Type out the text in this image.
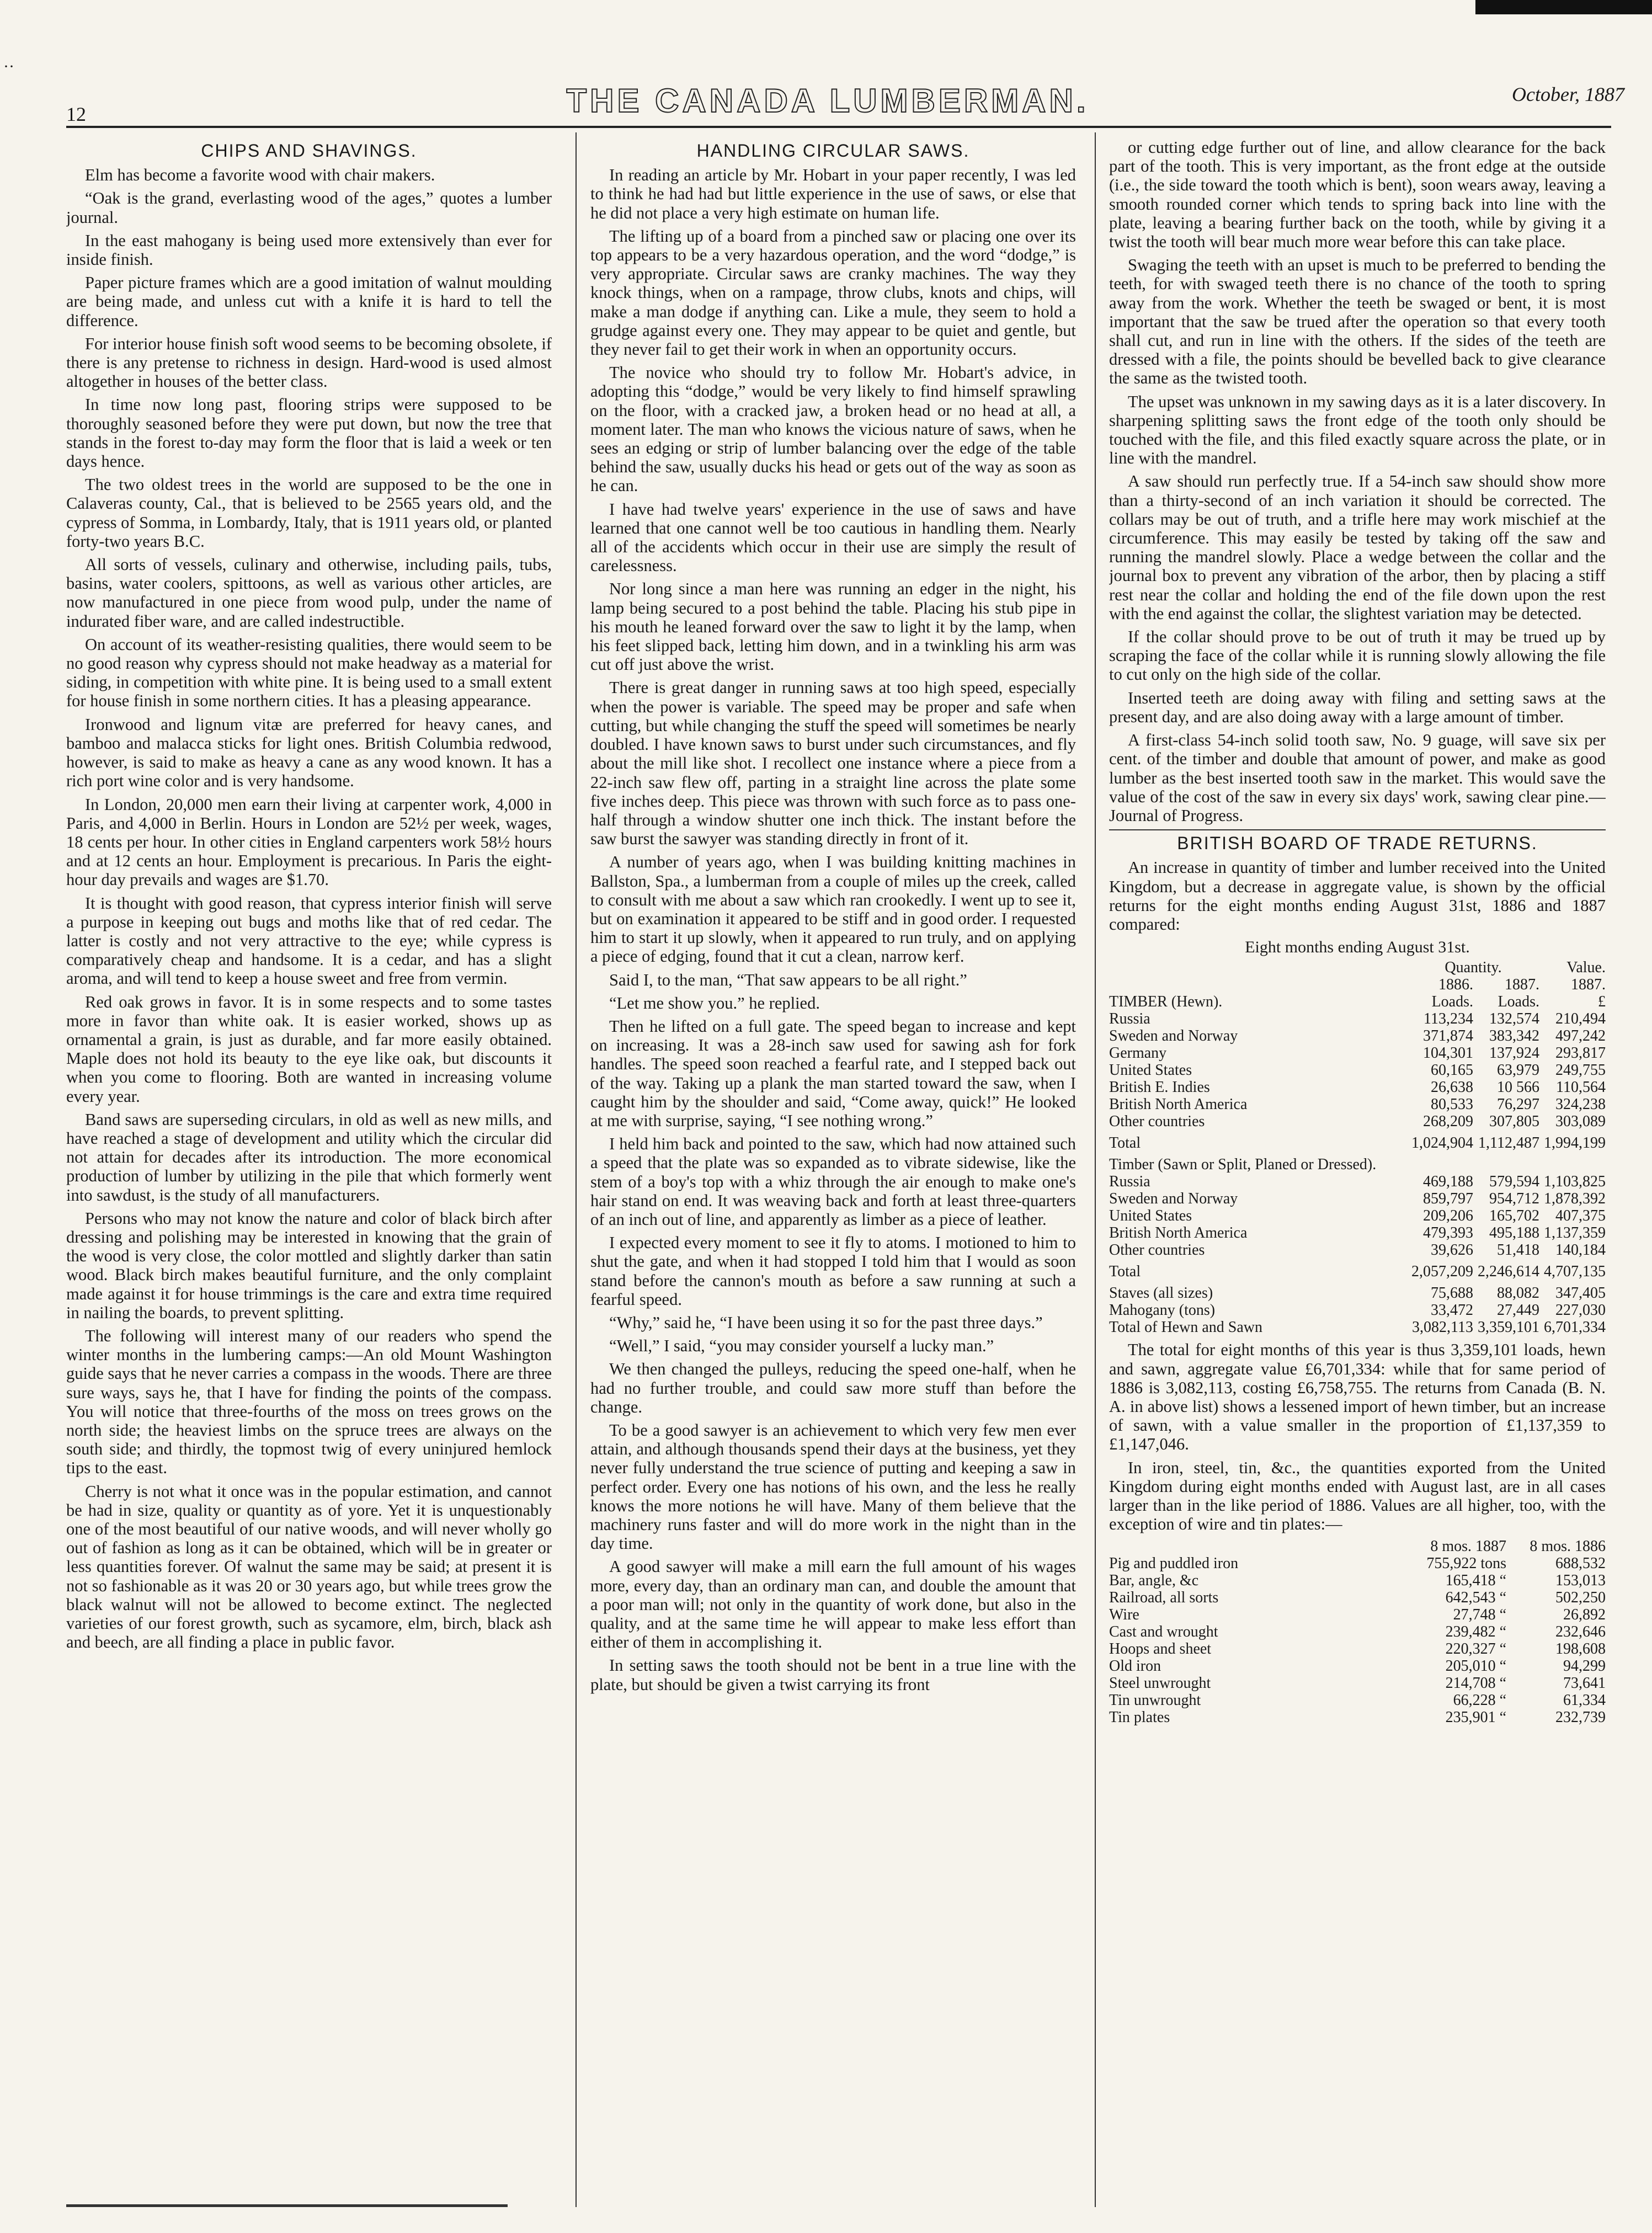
··
12	THE CANADA LUMBERMAN.	October, 1887
CHIPS AND SHAVINGS.

Elm has become a favorite wood with chair makers.

“Oak is the grand, everlasting wood of the ages,” quotes a lumber journal.

In the east mahogany is being used more extensively than ever for inside finish.

Paper picture frames which are a good imitation of walnut moulding are being made, and unless cut with a knife it is hard to tell the difference.

For interior house finish soft wood seems to be becoming obsolete, if there is any pretense to richness in design. Hard-wood is used almost altogether in houses of the better class.

In time now long past, flooring strips were supposed to be thoroughly seasoned before they were put down, but now the tree that stands in the forest to-day may form the floor that is laid a week or ten days hence.

The two oldest trees in the world are supposed to be the one in Calaveras county, Cal., that is believed to be 2565 years old, and the cypress of Somma, in Lombardy, Italy, that is 1911 years old, or planted forty-two years B.C.

All sorts of vessels, culinary and otherwise, including pails, tubs, basins, water coolers, spittoons, as well as various other articles, are now manufactured in one piece from wood pulp, under the name of indurated fiber ware, and are called indestructible.

On account of its weather-resisting qualities, there would seem to be no good reason why cypress should not make headway as a material for siding, in competition with white pine. It is being used to a small extent for house finish in some northern cities. It has a pleasing appearance.

Ironwood and lignum vitæ are preferred for heavy canes, and bamboo and malacca sticks for light ones. British Columbia redwood, however, is said to make as heavy a cane as any wood known. It has a rich port wine color and is very handsome.

In London, 20,000 men earn their living at carpenter work, 4,000 in Paris, and 4,000 in Berlin. Hours in London are 52½ per week, wages, 18 cents per hour. In other cities in England carpenters work 58½ hours and at 12 cents an hour. Employment is precarious. In Paris the eight-hour day prevails and wages are $1.70.

It is thought with good reason, that cypress interior finish will serve a purpose in keeping out bugs and moths like that of red cedar. The latter is costly and not very attractive to the eye; while cypress is comparatively cheap and handsome. It is a cedar, and has a slight aroma, and will tend to keep a house sweet and free from vermin.

Red oak grows in favor. It is in some respects and to some tastes more in favor than white oak. It is easier worked, shows up as ornamental a grain, is just as durable, and far more easily obtained. Maple does not hold its beauty to the eye like oak, but discounts it when you come to flooring. Both are wanted in increasing volume every year.

Band saws are superseding circulars, in old as well as new mills, and have reached a stage of development and utility which the circular did not attain for decades after its introduction. The more economical production of lumber by utilizing in the pile that which formerly went into sawdust, is the study of all manufacturers.

Persons who may not know the nature and color of black birch after dressing and polishing may be interested in knowing that the grain of the wood is very close, the color mottled and slightly darker than satin wood. Black birch makes beautiful furniture, and the only complaint made against it for house trimmings is the care and extra time required in nailing the boards, to prevent splitting.

The following will interest many of our readers who spend the winter months in the lumbering camps:—An old Mount Washington guide says that he never carries a compass in the woods. There are three sure ways, says he, that I have for finding the points of the compass. You will notice that three-fourths of the moss on trees grows on the north side; the heaviest limbs on the spruce trees are always on the south side; and thirdly, the topmost twig of every uninjured hemlock tips to the east.

Cherry is not what it once was in the popular estimation, and cannot be had in size, quality or quantity as of yore. Yet it is unquestionably one of the most beautiful of our native woods, and will never wholly go out of fashion as long as it can be obtained, which will be in greater or less quantities forever. Of walnut the same may be said; at present it is not so fashionable as it was 20 or 30 years ago, but while trees grow the black walnut will not be allowed to become extinct. The neglected varieties of our forest growth, such as sycamore, elm, birch, black ash and beech, are all finding a place in public favor.

HANDLING CIRCULAR SAWS.

In reading an article by Mr. Hobart in your paper recently, I was led to think he had had but little experience in the use of saws, or else that he did not place a very high estimate on human life.

The lifting up of a board from a pinched saw or placing one over its top appears to be a very hazardous operation, and the word “dodge,” is very appropriate. Circular saws are cranky machines. The way they knock things, when on a rampage, throw clubs, knots and chips, will make a man dodge if anything can. Like a mule, they seem to hold a grudge against every one. They may appear to be quiet and gentle, but they never fail to get their work in when an opportunity occurs.

The novice who should try to follow Mr. Hobart's advice, in adopting this “dodge,” would be very likely to find himself sprawling on the floor, with a cracked jaw, a broken head or no head at all, a moment later. The man who knows the vicious nature of saws, when he sees an edging or strip of lumber balancing over the edge of the table behind the saw, usually ducks his head or gets out of the way as soon as he can.

I have had twelve years' experience in the use of saws and have learned that one cannot well be too cautious in handling them. Nearly all of the accidents which occur in their use are simply the result of carelessness.

Nor long since a man here was running an edger in the night, his lamp being secured to a post behind the table. Placing his stub pipe in his mouth he leaned forward over the saw to light it by the lamp, when his feet slipped back, letting him down, and in a twinkling his arm was cut off just above the wrist.

There is great danger in running saws at too high speed, especially when the power is variable. The speed may be proper and safe when cutting, but while changing the stuff the speed will sometimes be nearly doubled. I have known saws to burst under such circumstances, and fly about the mill like shot. I recollect one instance where a piece from a 22-inch saw flew off, parting in a straight line across the plate some five inches deep. This piece was thrown with such force as to pass one-half through a window shutter one inch thick. The instant before the saw burst the sawyer was standing directly in front of it.

A number of years ago, when I was building knitting machines in Ballston, Spa., a lumberman from a couple of miles up the creek, called to consult with me about a saw which ran crookedly. I went up to see it, but on examination it appeared to be stiff and in good order. I requested him to start it up slowly, when it appeared to run truly, and on applying a piece of edging, found that it cut a clean, narrow kerf.

Said I, to the man, “That saw appears to be all right.”

“Let me show you.” he replied.

Then he lifted on a full gate. The speed began to increase and kept on increasing. It was a 28-inch saw used for sawing ash for fork handles. The speed soon reached a fearful rate, and I stepped back out of the way. Taking up a plank the man started toward the saw, when I caught him by the shoulder and said, “Come away, quick!” He looked at me with surprise, saying, “I see nothing wrong.”

I held him back and pointed to the saw, which had now attained such a speed that the plate was so expanded as to vibrate sidewise, like the stem of a boy's top with a whiz through the air enough to make one's hair stand on end. It was weaving back and forth at least three-quarters of an inch out of line, and apparently as limber as a piece of leather.

I expected every moment to see it fly to atoms. I motioned to him to shut the gate, and when it had stopped I told him that I would as soon stand before the cannon's mouth as before a saw running at such a fearful speed.

“Why,” said he, “I have been using it so for the past three days.”

“Well,” I said, “you may consider yourself a lucky man.”

We then changed the pulleys, reducing the speed one-half, when he had no further trouble, and could saw more stuff than before the change.

To be a good sawyer is an achievement to which very few men ever attain, and although thousands spend their days at the business, yet they never fully understand the true science of putting and keeping a saw in perfect order. Every one has notions of his own, and the less he really knows the more notions he will have. Many of them believe that the machinery runs faster and will do more work in the night than in the day time.

A good sawyer will make a mill earn the full amount of his wages more, every day, than an ordinary man can, and double the amount that a poor man will; not only in the quantity of work done, but also in the quality, and at the same time he will appear to make less effort than either of them in accomplishing it.

In setting saws the tooth should not be bent in a true line with the plate, but should be given a twist carrying its front

or cutting edge further out of line, and allow clearance for the back part of the tooth. This is very important, as the front edge at the outside (i.e., the side toward the tooth which is bent), soon wears away, leaving a smooth rounded corner which tends to spring back into line with the plate, leaving a bearing further back on the tooth, while by giving it a twist the tooth will bear much more wear before this can take place.

Swaging the teeth with an upset is much to be preferred to bending the teeth, for with swaged teeth there is no chance of the tooth to spring away from the work. Whether the teeth be swaged or bent, it is most important that the saw be trued after the operation so that every tooth shall cut, and run in line with the others. If the sides of the teeth are dressed with a file, the points should be bevelled back to give clearance the same as the twisted tooth.

The upset was unknown in my sawing days as it is a later discovery. In sharpening splitting saws the front edge of the tooth only should be touched with the file, and this filed exactly square across the plate, or in line with the mandrel.

A saw should run perfectly true. If a 54-inch saw should show more than a thirty-second of an inch variation it should be corrected. The collars may be out of truth, and a trifle here may work mischief at the circumference. This may easily be tested by taking off the saw and running the mandrel slowly. Place a wedge between the collar and the journal box to prevent any vibration of the arbor, then by placing a stiff rest near the collar and holding the end of the file down upon the rest with the end against the collar, the slightest variation may be detected.

If the collar should prove to be out of truth it may be trued up by scraping the face of the collar while it is running slowly allowing the file to cut only on the high side of the collar.

Inserted teeth are doing away with filing and setting saws at the present day, and are also doing away with a large amount of timber.

A first-class 54-inch solid tooth saw, No. 9 guage, will save six per cent. of the timber and double that amount of power, and make as good lumber as the best inserted tooth saw in the market. This would save the value of the cost of the saw in every six days' work, sawing clear pine.—Journal of Progress.

BRITISH BOARD OF TRADE RETURNS.

An increase in quantity of timber and lumber received into the United Kingdom, but a decrease in aggregate value, is shown by the official returns for the eight months ending August 31st, 1886 and 1887 compared:

Eight months ending August 31st.
	Quantity.		Value.
	1886.	1887.	1887.
TIMBER (Hewn).	Loads.	Loads.	£
Russia	113,234	132,574	210,494
Sweden and Norway	371,874	383,342	497,242
Germany	104,301	137,924	293,817
United States	60,165	63,979	249,755
British E. Indies	26,638	10 566	110,564
British North America	80,533	76,297	324,238
Other countries	268,209	307,805	303,089
Total	1,024,904	1,112,487	1,994,199
Timber (Sawn or Split, Planed or Dressed).			
Russia	469,188	579,594	1,103,825
Sweden and Norway	859,797	954,712	1,878,392
United States	209,206	165,702	407,375
British North America	479,393	495,188	1,137,359
Other countries	39,626	51,418	140,184
Total	2,057,209	2,246,614	4,707,135
Staves (all sizes)	75,688	88,082	347,405
Mahogany (tons)	33,472	27,449	227,030
Total of Hewn and Sawn	3,082,113	3,359,101	6,701,334

The total for eight months of this year is thus 3,359,101 loads, hewn and sawn, aggregate value £6,701,334: while that for same period of 1886 is 3,082,113, costing £6,758,755. The returns from Canada (B. N. A. in above list) shows a lessened import of hewn timber, but an increase of sawn, with a value smaller in the proportion of £1,137,359 to £1,147,046.

In iron, steel, tin, &c., the quantities exported from the United Kingdom during eight months ended with August last, are in all cases larger than in the like period of 1886. Values are all higher, too, with the exception of wire and tin plates:—

	8 mos. 1887	8 mos. 1886
Pig and puddled iron	755,922 tons	688,532
Bar, angle, &c	165,418 “	153,013
Railroad, all sorts	642,543 “	502,250
Wire	27,748 “	26,892
Cast and wrought	239,482 “	232,646
Hoops and sheet	220,327 “	198,608
Old iron	205,010 “	94,299
Steel unwrought	214,708 “	73,641
Tin unwrought	66,228 “	61,334
Tin plates	235,901 “	232,739
